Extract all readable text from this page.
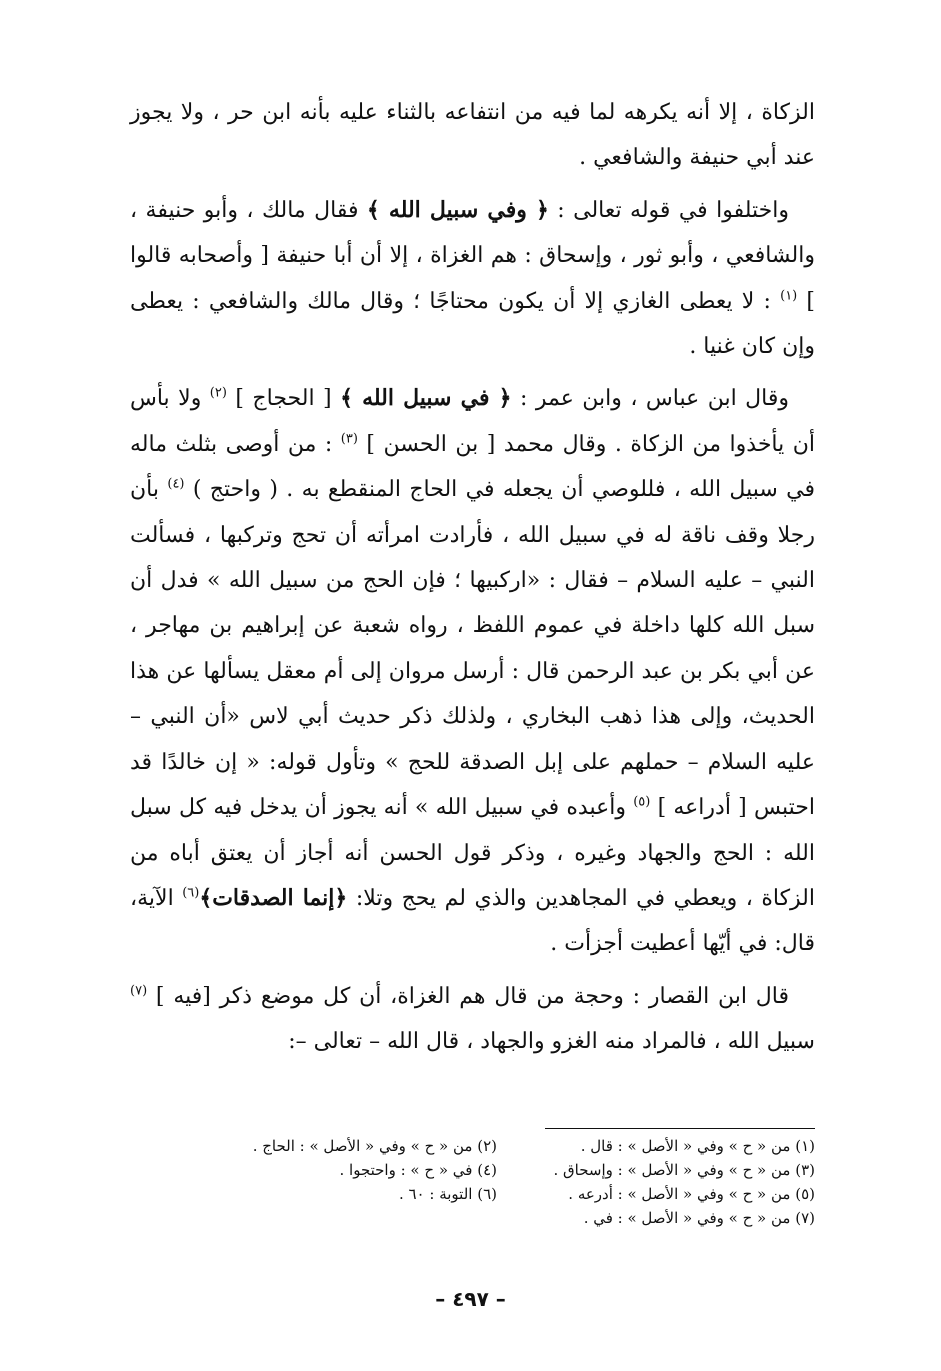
الزكاة ، إلا أنه يكرهه لما فيه من انتفاعه بالثناء عليه بأنه ابن حر ، ولا يجوز عند أبي حنيفة والشافعي .

واختلفوا في قوله تعالى : ﴿ وفي سبيل الله ﴾ فقال مالك ، وأبو حنيفة ، والشافعي ، وأبو ثور ، وإسحاق : هم الغزاة ، إلا أن أبا حنيفة [ وأصحابه قالوا ] $^{(١)}$ : لا يعطى الغازي إلا أن يكون محتاجًا ؛ وقال مالك والشافعي : يعطى وإن كان غنيا .

وقال ابن عباس ، وابن عمر : ﴿ في سبيل الله ﴾ [ الحجاج ] $^{(٢)}$ ولا بأس أن يأخذوا من الزكاة . وقال محمد [ بن الحسن ] $^{(٣)}$ : من أوصى بثلث ماله في سبيل الله ، فللوصي أن يجعله في الحاج المنقطع به . ( واحتج ) $^{(٤)}$ بأن رجلا وقف ناقة له في سبيل الله ، فأرادت امرأته أن تحج وتركبها ، فسألت النبي – عليه السلام – فقال : «اركبيها ؛ فإن الحج من سبيل الله » فدل أن سبل الله كلها داخلة في عموم اللفظ ، رواه شعبة عن إبراهيم بن مهاجر ، عن أبي بكر بن عبد الرحمن قال : أرسل مروان إلى أم معقل يسألها عن هذا الحديث، وإلى هذا ذهب البخاري ، ولذلك ذكر حديث أبي لاس «أن النبي – عليه السلام – حملهم على إبل الصدقة للحج » وتأول قوله: « إن خالدًا قد احتبس [ أدراعه ] $^{(٥)}$ وأعبده في سبيل الله » أنه يجوز أن يدخل فيه كل سبل الله : الحج والجهاد وغيره ، وذكر قول الحسن أنه أجاز أن يعتق أباه من الزكاة ، ويعطي في المجاهدين والذي لم يحج وتلا: ﴿إنما الصدقات﴾$^{(٦)}$ الآية، قال: في أيّها أعطيت أجزأت .

قال ابن القصار : وحجة من قال هم الغزاة، أن كل موضع ذكر [فيه ] $^{(٧)}$ سبيل الله ، فالمراد منه الغزو والجهاد ، قال الله – تعالى –:

(١) من « ح » وفي « الأصل » : قال .
(٢) من « ح » وفي « الأصل » : الحاج .
(٣) من « ح » وفي « الأصل » : وإسحاق .
(٤) في « ح » : واحتجوا .
(٥) من « ح » وفي « الأصل » : أدرعه .
(٦) التوبة : ٦٠ .
(٧) من « ح » وفي « الأصل » : في .
– ٤٩٧ –
